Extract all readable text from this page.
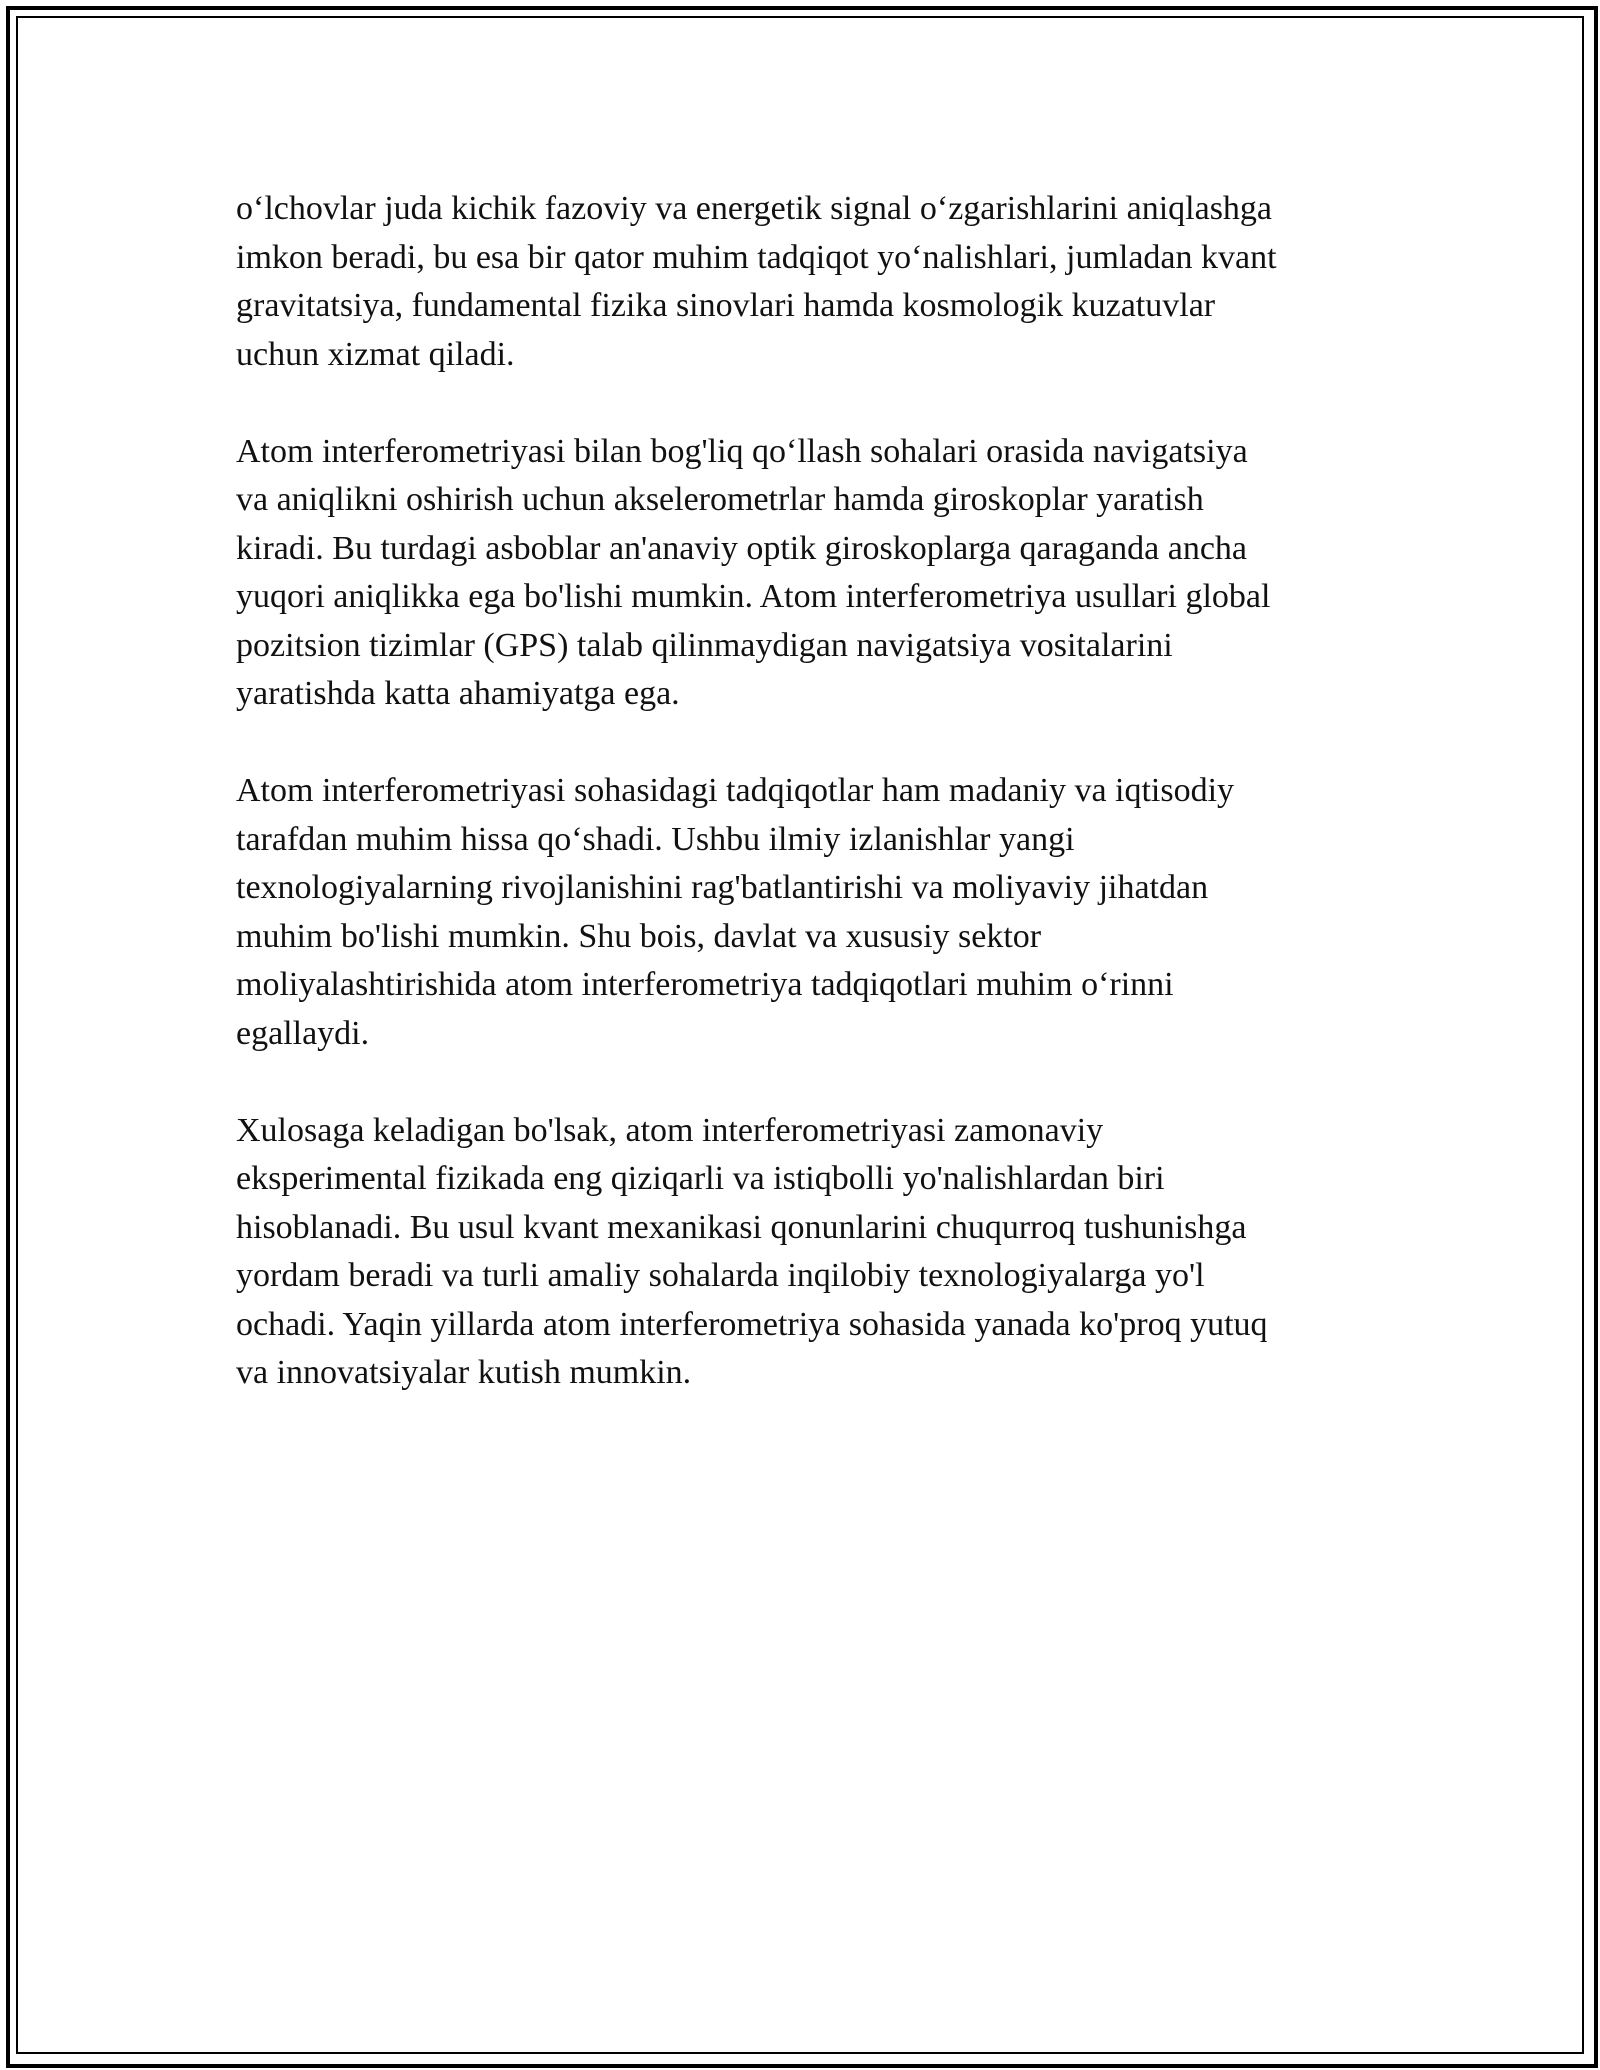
o‘lchovlar juda kichik fazoviy va energetik signal o‘zgarishlarini aniqlashga
imkon beradi, bu esa bir qator muhim tadqiqot yo‘nalishlari, jumladan kvant
gravitatsiya, fundamental fizika sinovlari hamda kosmologik kuzatuvlar
uchun xizmat qiladi.

Atom interferometriyasi bilan bog'liq qo‘llash sohalari orasida navigatsiya
va aniqlikni oshirish uchun akselerometrlar hamda giroskoplar yaratish
kiradi. Bu turdagi asboblar an'anaviy optik giroskoplarga qaraganda ancha
yuqori aniqlikka ega bo'lishi mumkin. Atom interferometriya usullari global
pozitsion tizimlar (GPS) talab qilinmaydigan navigatsiya vositalarini
yaratishda katta ahamiyatga ega.

Atom interferometriyasi sohasidagi tadqiqotlar ham madaniy va iqtisodiy
tarafdan muhim hissa qo‘shadi. Ushbu ilmiy izlanishlar yangi
texnologiyalarning rivojlanishini rag'batlantirishi va moliyaviy jihatdan
muhim bo'lishi mumkin. Shu bois, davlat va xususiy sektor
moliyalashtirishida atom interferometriya tadqiqotlari muhim o‘rinni
egallaydi.

Xulosaga keladigan bo'lsak, atom interferometriyasi zamonaviy
eksperimental fizikada eng qiziqarli va istiqbolli yo'nalishlardan biri
hisoblanadi. Bu usul kvant mexanikasi qonunlarini chuqurroq tushunishga
yordam beradi va turli amaliy sohalarda inqilobiy texnologiyalarga yo'l
ochadi. Yaqin yillarda atom interferometriya sohasida yanada ko'proq yutuq
va innovatsiyalar kutish mumkin.
